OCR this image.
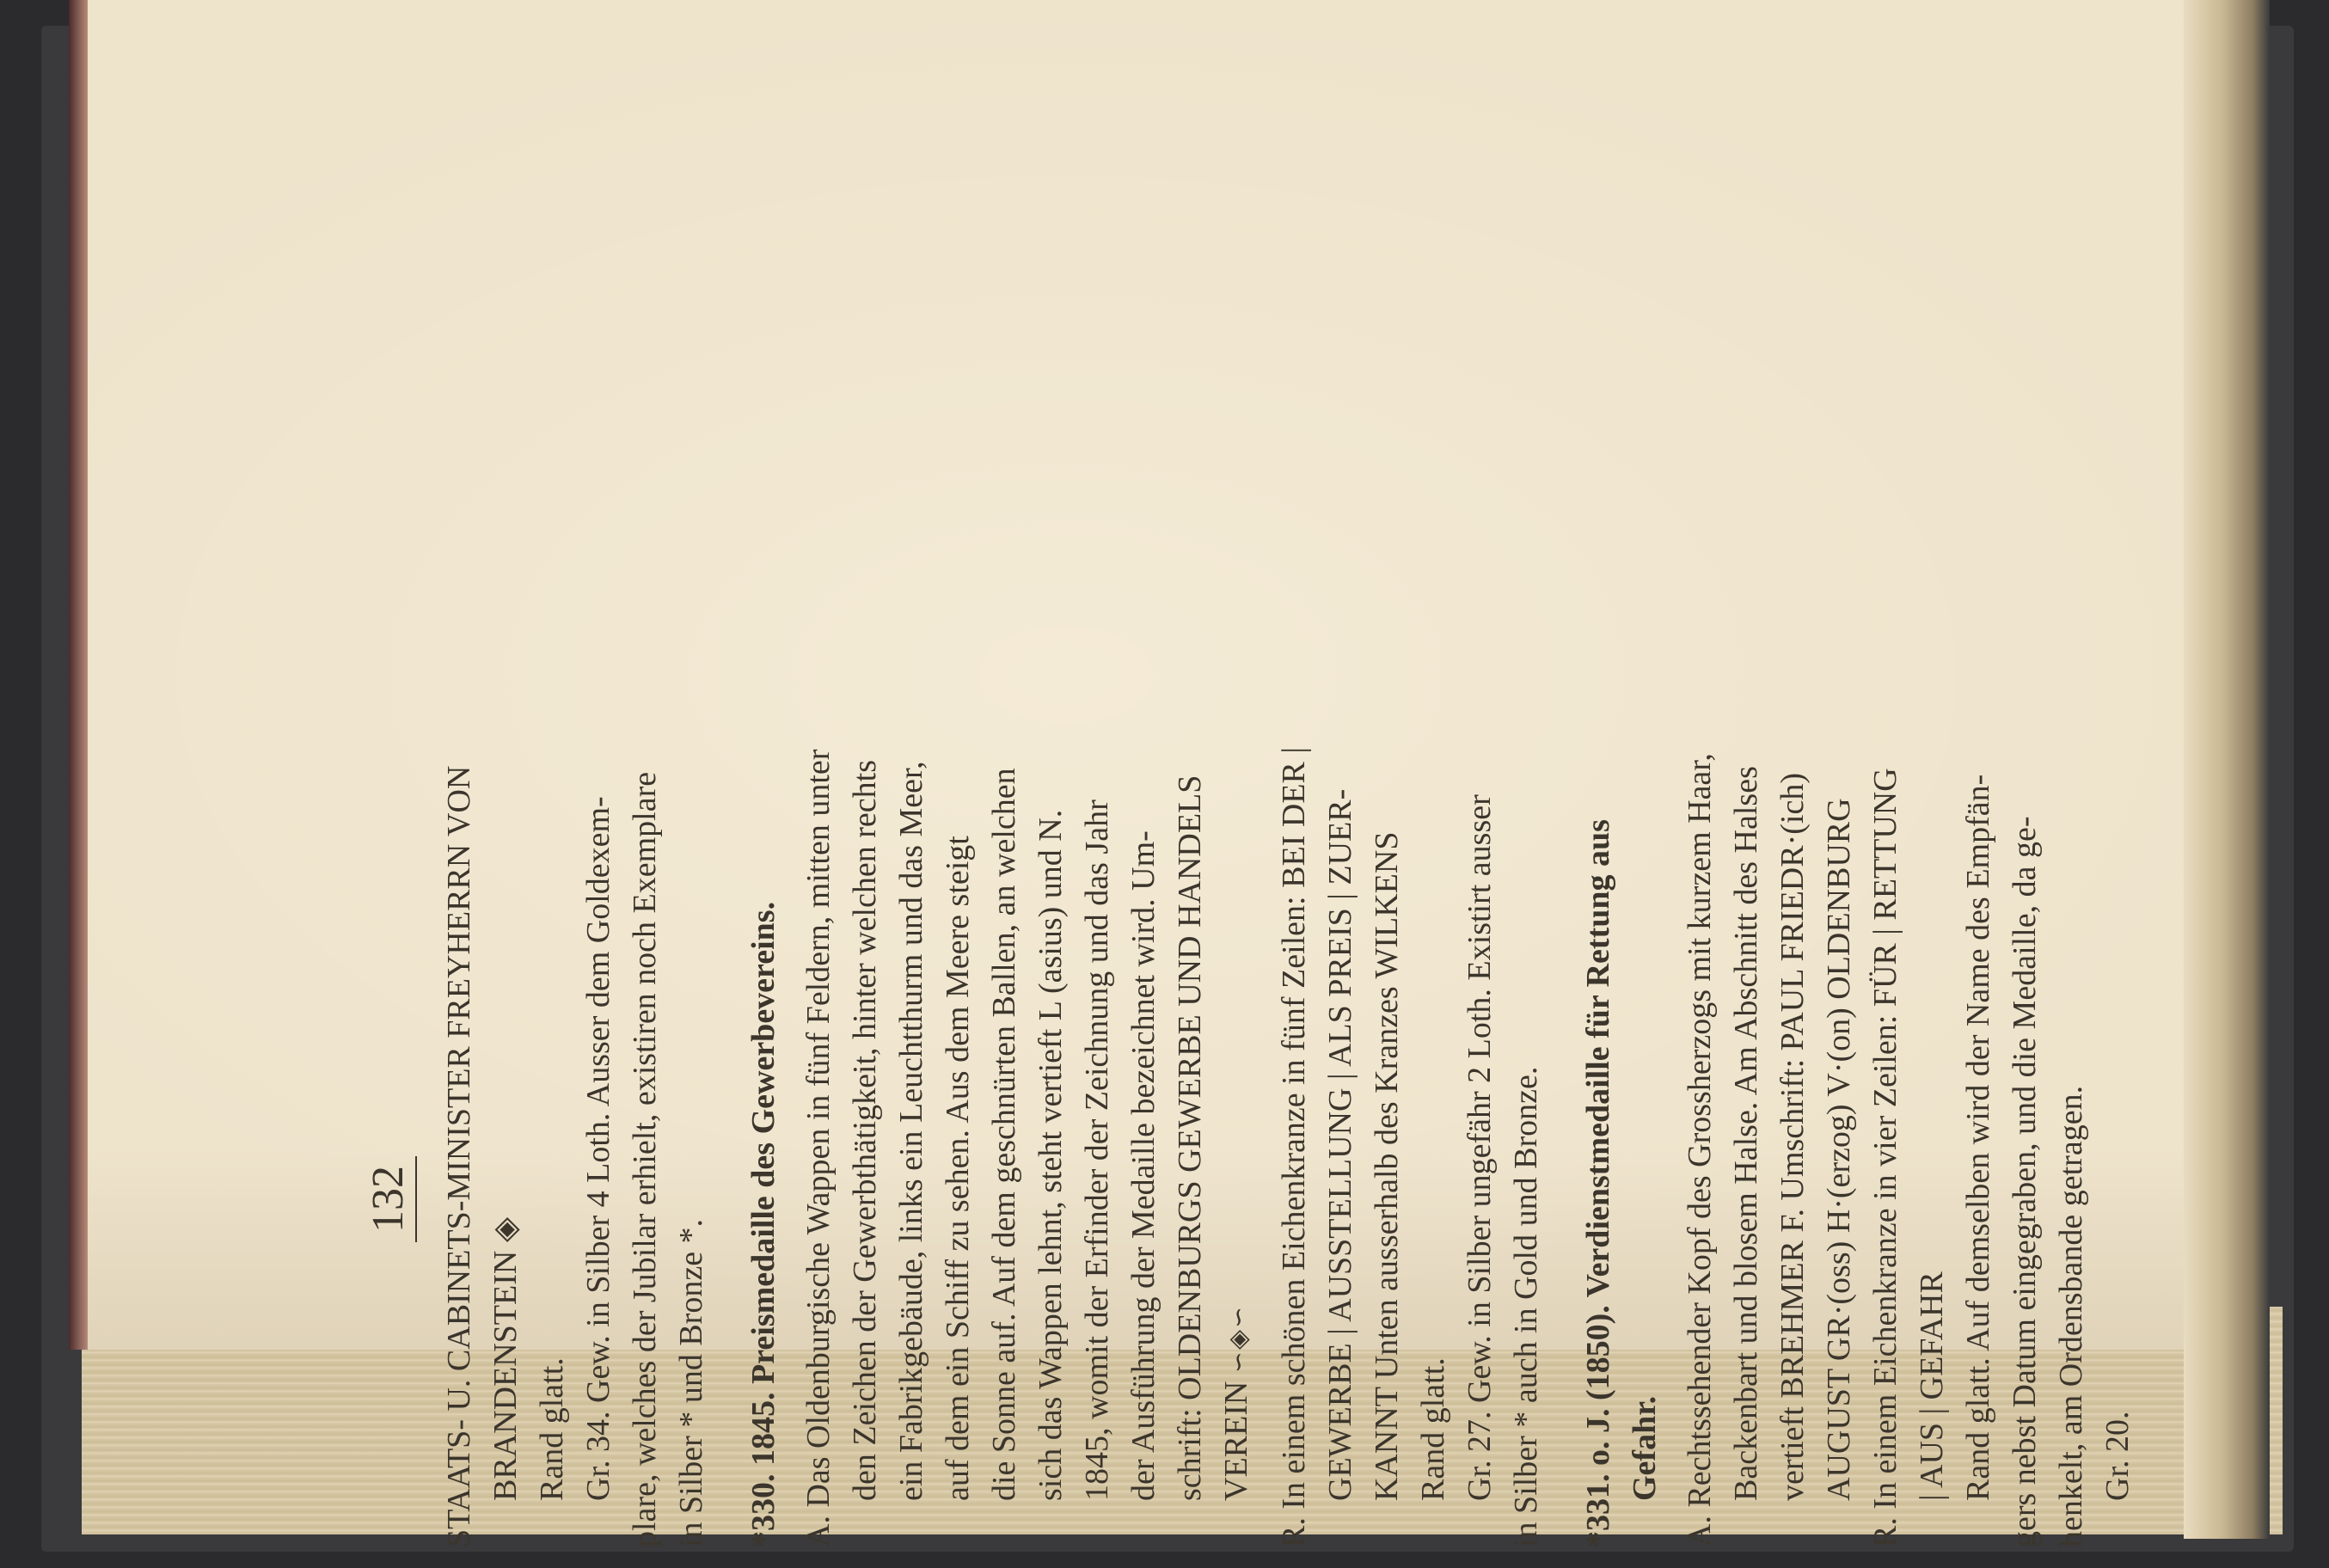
132 STAATS- U. CABINETS-MINISTER FREYHERRN VON BRANDENSTEIN ◈

Rand glatt. Gr. 34. Gew. in Silber 4 Loth. Ausser dem Goldexem- plare, welches der Jubilar erhielt, existiren noch Exemplare in Silber * und Bronze *. *330. 1845. Preismedaille des Gewerbevereins. A. Das Oldenburgische Wappen in fünf Feldern, mitten unter den Zeichen der Gewerbthätigkeit, hinter welchen rechts ein Fabrikgebäude, links ein Leuchtthurm und das Meer, auf dem ein Schiff zu sehen. Aus dem Meere steigt die Sonne auf. Auf dem geschnürten Ballen, an welchen sich das Wappen lehnt, steht vertieft L (asius) und N. 1845, womit der Erfinder der Zeichnung und das Jahr der Ausführung der Medaille bezeichnet wird. Um- schrift: OLDENBURGS GEWERBE UND HANDELS VEREIN ∽◈∽ R. In einem schönen Eichenkranze in fünf Zeilen: BEI DER | GEWERBE | AUSSTELLUNG | ALS PREIS | ZUER- KANNT Unten ausserhalb des Kranzes WILKENS Rand glatt. Gr. 27. Gew. in Silber ungefähr 2 Loth. Existirt ausser in Silber * auch in Gold und Bronze. *331. o. J. (1850). Verdienstmedaille für Rettung aus Gefahr. A. Rechtssehender Kopf des Grossherzogs mit kurzem Haar, Backenbart und blosem Halse. Am Abschnitt des Halses vertieft BREHMER F. Umschrift: PAUL FRIEDR·(ich) AUGUST GR·(oss) H·(erzog) V·(on) OLDENBURG R. In einem Eichenkranze in vier Zeilen: FÜR | RETTUNG | AUS | GEFAHR Rand glatt. Auf demselben wird der Name des Empfän- gers nebst Datum eingegraben, und die Medaille, da ge- henkelt, am Ordensbande getragen. Gr. 20.
